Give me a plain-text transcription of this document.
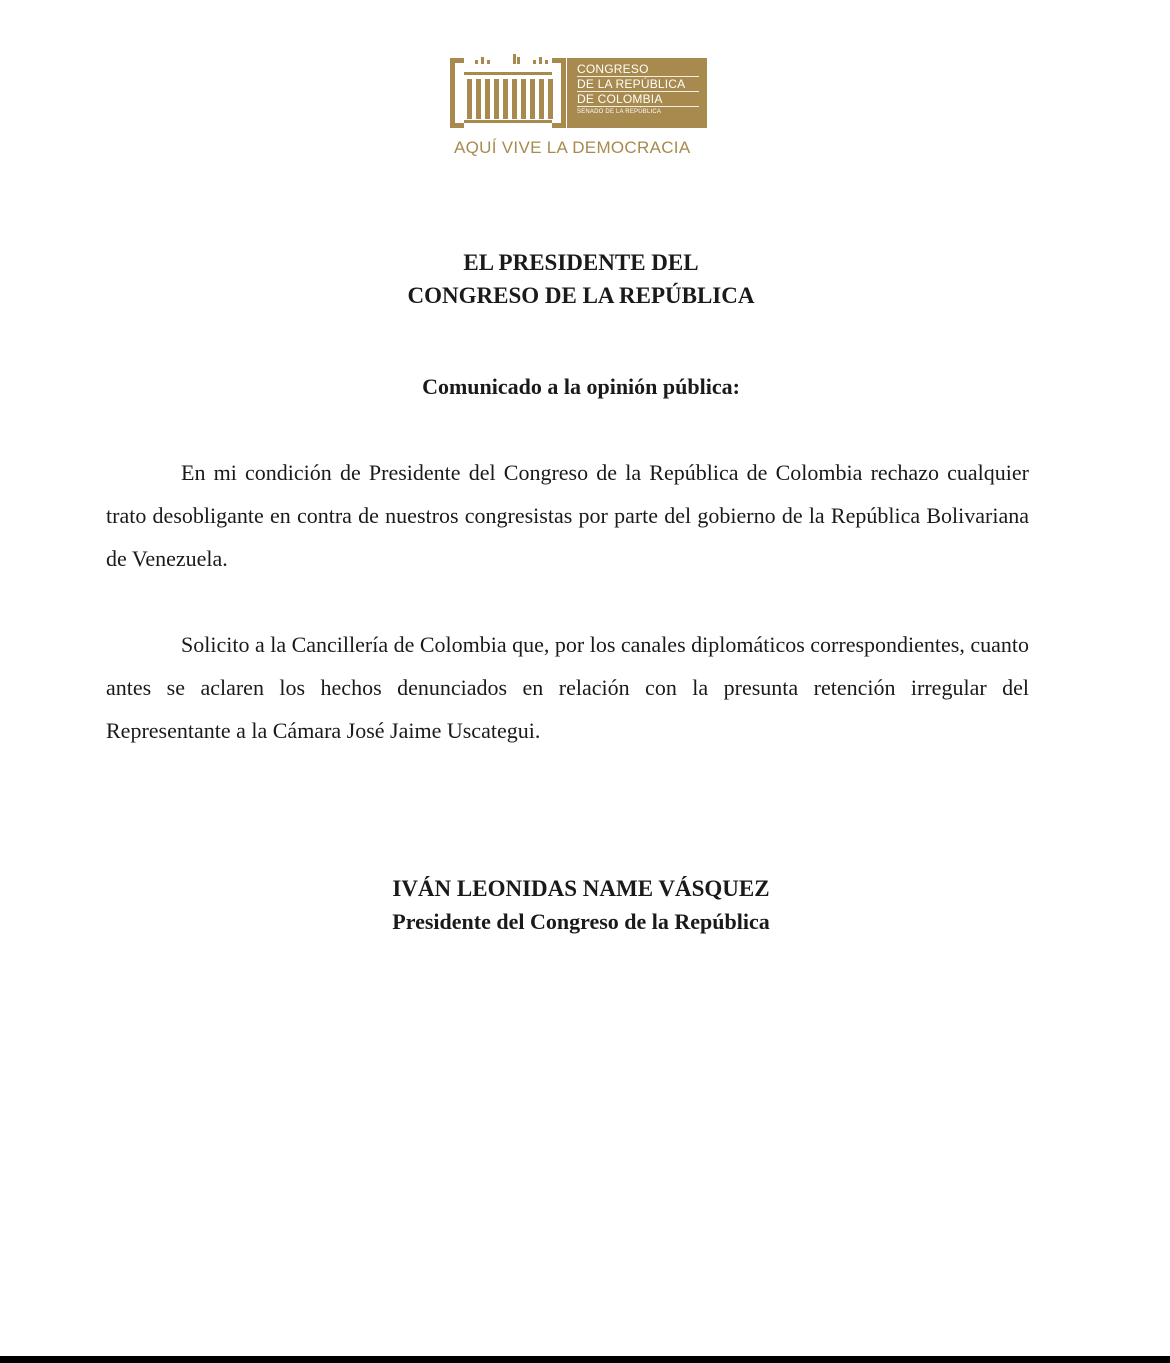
CONGRESO
DE LA REPÚBLICA
DE COLOMBIA
SENADO DE LA REPÚBLICA
AQUÍ VIVE LA DEMOCRACIA
EL PRESIDENTE DEL
CONGRESO DE LA REPÚBLICA
Comunicado a la opinión pública:

En mi condición de Presidente del Congreso de la República de Colombia rechazo cualquier trato desobligante en contra de nuestros congresistas por parte del gobierno de la República Bolivariana de Venezuela.

Solicito a la Cancillería de Colombia que, por los canales diplomáticos correspondientes, cuanto antes se aclaren los hechos denunciados en relación con la presunta retención irregular del Representante a la Cámara José Jaime Uscategui.

IVÁN LEONIDAS NAME VÁSQUEZ
Presidente del Congreso de la República
